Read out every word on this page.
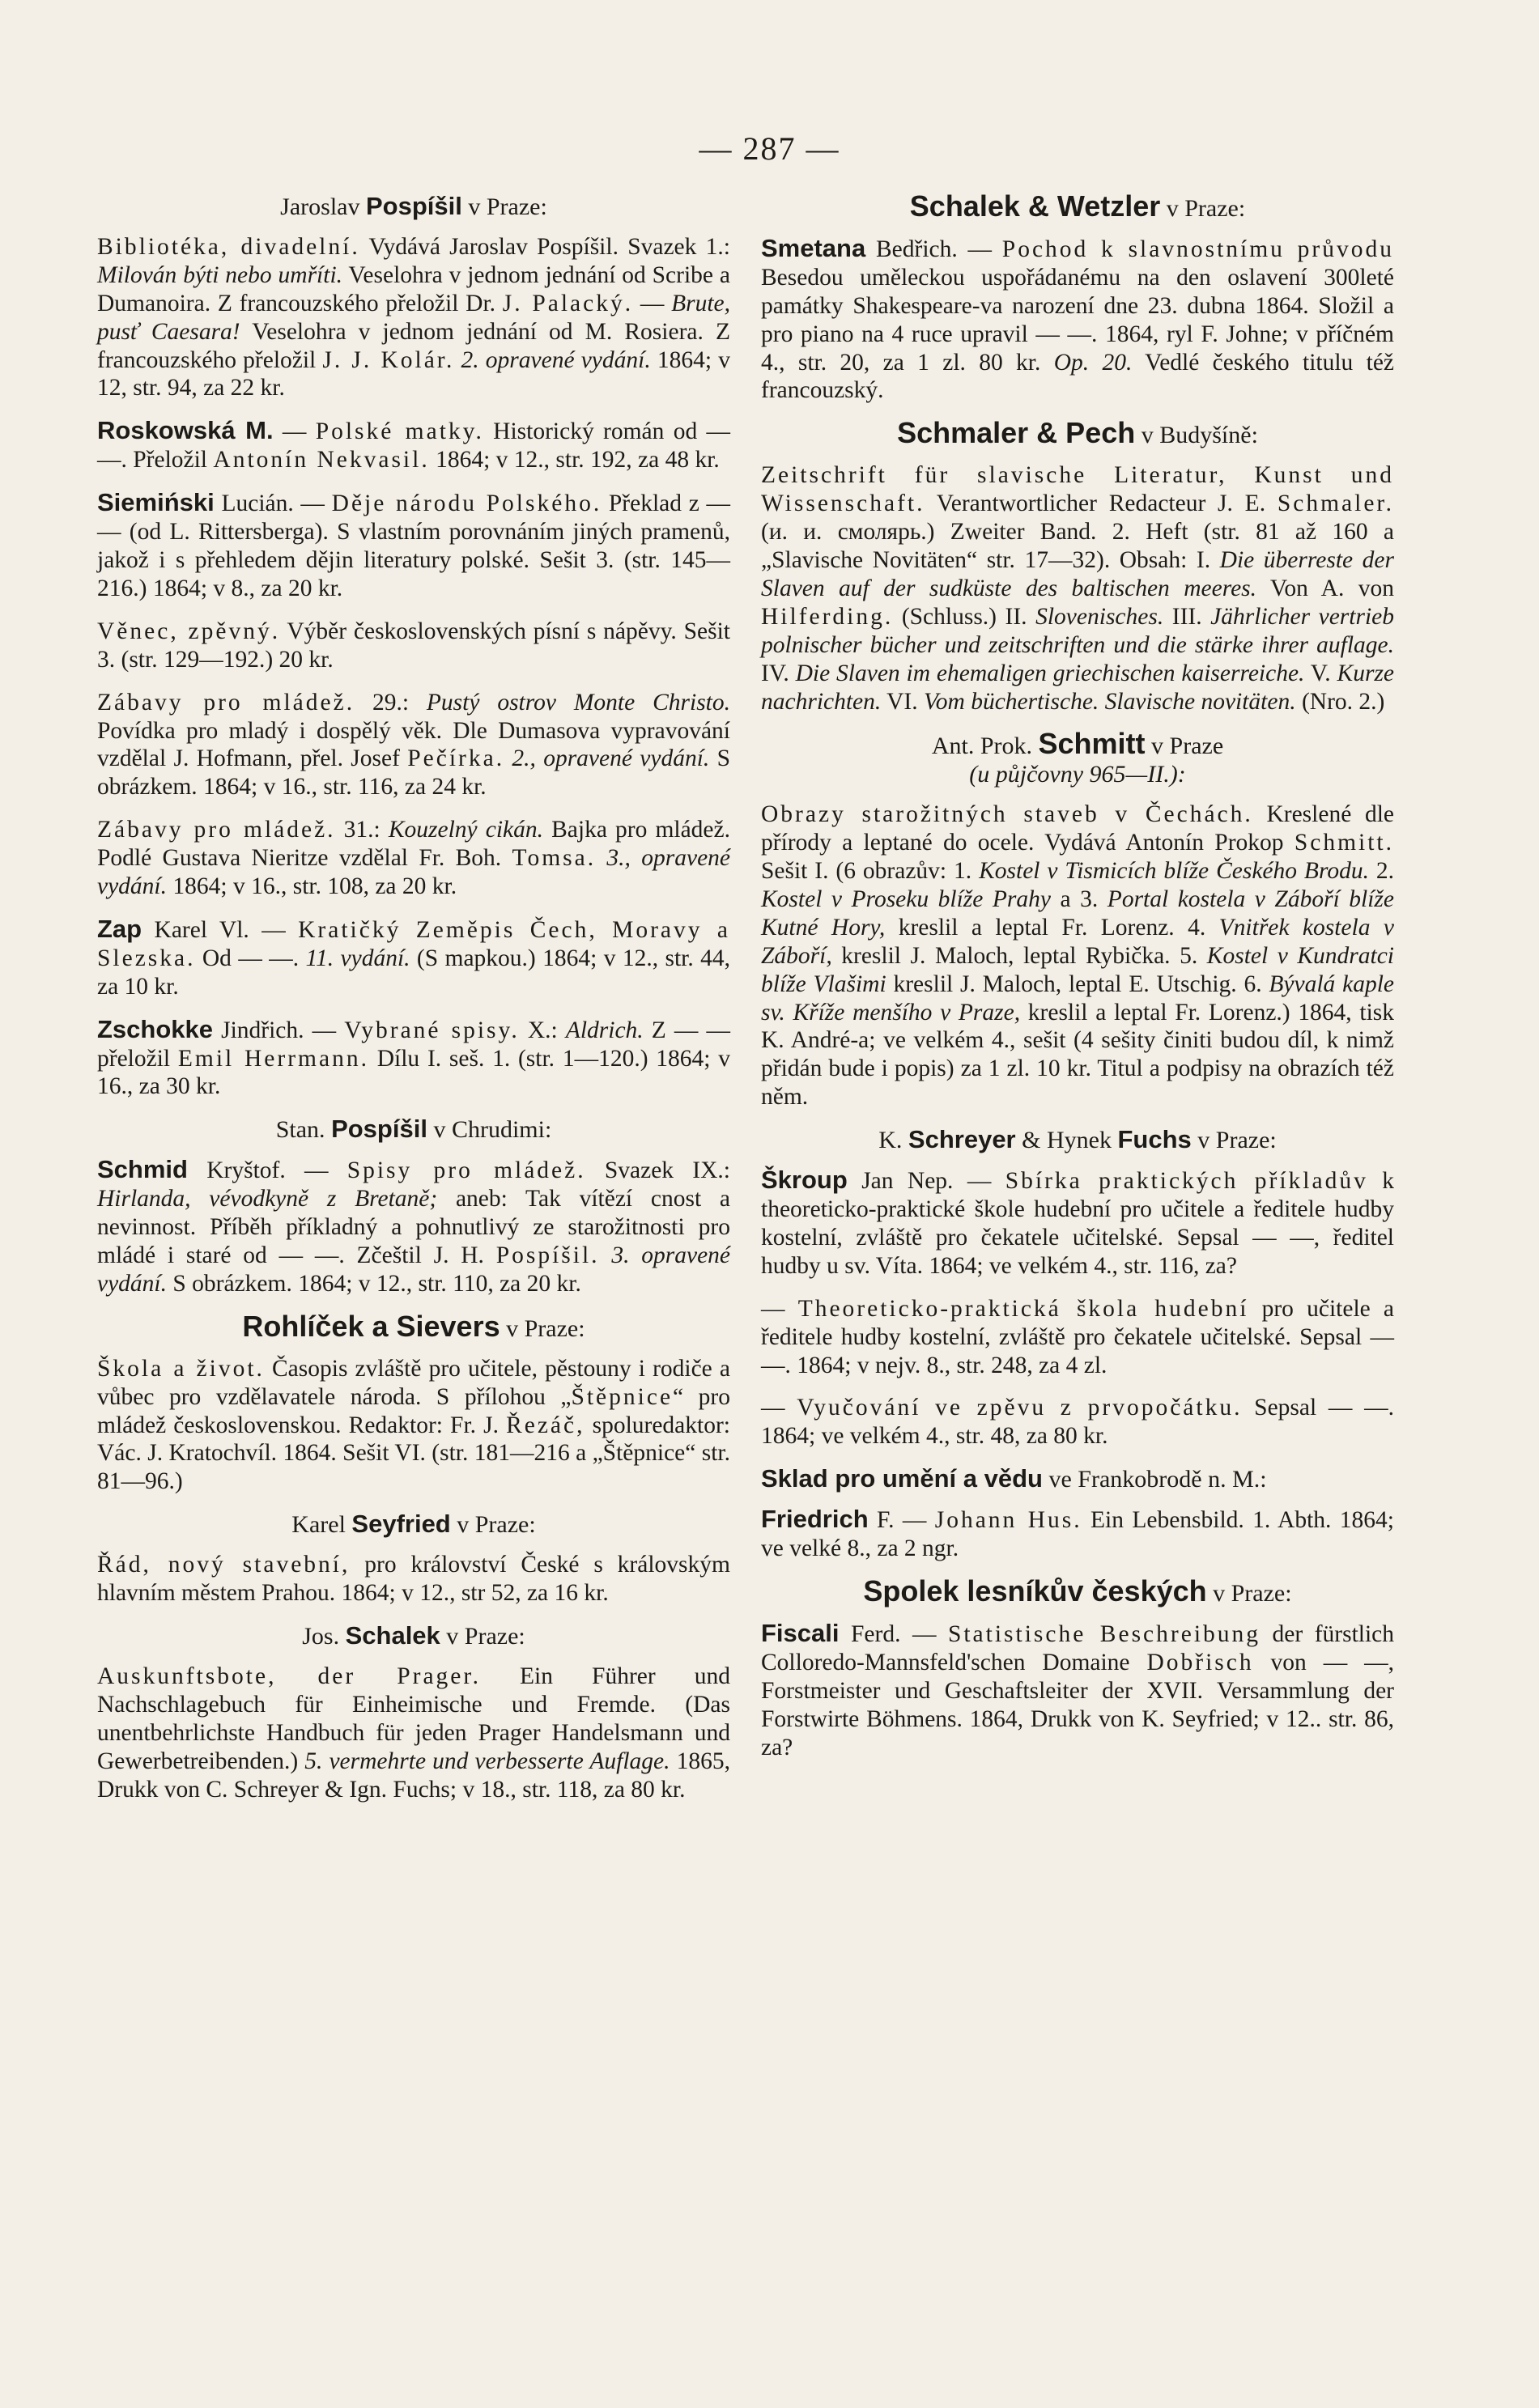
— 287 —
Jaroslav Pospíšil v Praze:
Bibliotéka, divadelní. Vydává Jaroslav Pospíšil. Svazek 1.: Milován býti nebo umříti. Veselohra v jednom jednání od Scribe a Dumanoira. Z francouzského přeložil Dr. J. Palacký. — Brute, pusť Caesara! Veselohra v jednom jednání od M. Rosiera. Z francouzského přeložil J. J. Kolár. 2. opravené vydání. 1864; v 12, str. 94, za 22 kr.
Roskowská M. — Polské matky. Historický román od — —. Přeložil Antonín Nekvasil. 1864; v 12., str. 192, za 48 kr.
Siemiński Lucián. — Děje národu Polského. Překlad z — — (od L. Rittersberga). S vlastním porovnáním jiných pramenů, jakož i s přehledem dějin literatury polské. Sešit 3. (str. 145— 216.) 1864; v 8., za 20 kr.
Věnec, zpěvný. Výběr československých písní s nápěvy. Sešit 3. (str. 129—192.) 20 kr.
Zábavy pro mládež. 29.: Pustý ostrov Monte Christo. Povídka pro mladý i dospělý věk. Dle Dumasova vypravování vzdělal J. Hofmann, přel. Josef Pečírka. 2., opravené vydání. S obrázkem. 1864; v 16., str. 116, za 24 kr.
Zábavy pro mládež. 31.: Kouzelný cikán. Bajka pro mládež. Podlé Gustava Nieritze vzdělal Fr. Boh. Tomsa. 3., opravené vydání. 1864; v 16., str. 108, za 20 kr.
Zap Karel Vl. — Kratičký Zeměpis Čech, Moravy a Slezska. Od — —. 11. vydání. (S mapkou.) 1864; v 12., str. 44, za 10 kr.
Zschokke Jindřich. — Vybrané spisy. X.: Aldrich. Z — — přeložil Emil Herrmann. Dílu I. seš. 1. (str. 1—120.) 1864; v 16., za 30 kr.
Stan. Pospíšil v Chrudimi:
Schmid Kryštof. — Spisy pro mládež. Svazek IX.: Hirlanda, vévodkyně z Bretaně; aneb: Tak vítězí cnost a nevinnost. Příběh příkladný a pohnutlivý ze starožitnosti pro mládé i staré od — —. Zčeštil J. H. Pospíšil. 3. opravené vydání. S obrázkem. 1864; v 12., str. 110, za 20 kr.
Rohlíček a Sievers v Praze:
Škola a život. Časopis zvláště pro učitele, pěstouny i rodiče a vůbec pro vzdělavatele národa. S přílohou „Štěpnice“ pro mládež československou. Redaktor: Fr. J. Řezáč, spoluredaktor: Vác. J. Kratochvíl. 1864. Sešit VI. (str. 181—216 a „Štěpnice“ str. 81—96.)
Karel Seyfried v Praze:
Řád, nový stavební, pro království České s královským hlavním městem Prahou. 1864; v 12., str 52, za 16 kr.
Jos. Schalek v Praze:
Auskunftsbote, der Prager. Ein Führer und Nachschlagebuch für Einheimische und Fremde. (Das unentbehrlichste Handbuch für jeden Prager Handelsmann und Gewerbetreibenden.) 5. vermehrte und verbesserte Auflage. 1865, Drukk von C. Schreyer & Ign. Fuchs; v 18., str. 118, za 80 kr.
Schalek & Wetzler v Praze:
Smetana Bedřich. — Pochod k slavnostnímu průvodu Besedou uměleckou uspořádanému na den oslavení 300leté památky Shakespeare-va narození dne 23. dubna 1864. Složil a pro piano na 4 ruce upravil — —. 1864, ryl F. Johne; v příčném 4., str. 20, za 1 zl. 80 kr. Op. 20. Vedlé českého titulu též francouzský.
Schmaler & Pech v Budyšíně:
Zeitschrift für slavische Literatur, Kunst und Wissenschaft. Verantwortlicher Redacteur J. E. Schmaler. (и. и. смолярь.) Zweiter Band. 2. Heft (str. 81 až 160 a „Slavische Novitäten“ str. 17—32). Obsah: I. Die überreste der Slaven auf der sudküste des baltischen meeres. Von A. von Hilferding. (Schluss.) II. Slovenisches. III. Jährlicher vertrieb polnischer bücher und zeitschriften und die stärke ihrer auflage. IV. Die Slaven im ehemaligen griechischen kaiserreiche. V. Kurze nachrichten. VI. Vom büchertische. Slavische novitäten. (Nro. 2.)
Ant. Prok. Schmitt v Praze
(u půjčovny 965—II.):
Obrazy starožitných staveb v Čechách. Kreslené dle přírody a leptané do ocele. Vydává Antonín Prokop Schmitt. Sešit I. (6 obrazův: 1. Kostel v Tismicích blíže Českého Brodu. 2. Kostel v Proseku blíže Prahy a 3. Portal kostela v Záboří blíže Kutné Hory, kreslil a leptal Fr. Lorenz. 4. Vnitřek kostela v Záboří, kreslil J. Maloch, leptal Rybička. 5. Kostel v Kundratci blíže Vlašimi kreslil J. Maloch, leptal E. Utschig. 6. Bývalá kaple sv. Kříže menšího v Praze, kreslil a leptal Fr. Lorenz.) 1864, tisk K. André-a; ve velkém 4., sešit (4 sešity činiti budou díl, k nimž přidán bude i popis) za 1 zl. 10 kr. Titul a podpisy na obrazích též něm.
K. Schreyer & Hynek Fuchs v Praze:
Škroup Jan Nep. — Sbírka praktických příkladův k theoreticko-praktické škole hudební pro učitele a ředitele hudby kostelní, zvláště pro čekatele učitelské. Sepsal — —, ředitel hudby u sv. Víta. 1864; ve velkém 4., str. 116, za?
— Theoreticko-praktická škola hudební pro učitele a ředitele hudby kostelní, zvláště pro čekatele učitelské. Sepsal — —. 1864; v nejv. 8., str. 248, za 4 zl.
— Vyučování ve zpěvu z prvopočátku. Sepsal — —. 1864; ve velkém 4., str. 48, za 80 kr.
Sklad pro umění a vědu ve Frankobrodě n. M.:
Friedrich F. — Johann Hus. Ein Lebensbild. 1. Abth. 1864; ve velké 8., za 2 ngr.
Spolek lesníkův českých v Praze:
Fiscali Ferd. — Statistische Beschreibung der fürstlich Colloredo-Mannsfeld'schen Domaine Dobřisch von — —, Forstmeister und Geschaftsleiter der XVII. Versammlung der Forstwirte Böhmens. 1864, Drukk von K. Seyfried; v 12.. str. 86, za?
